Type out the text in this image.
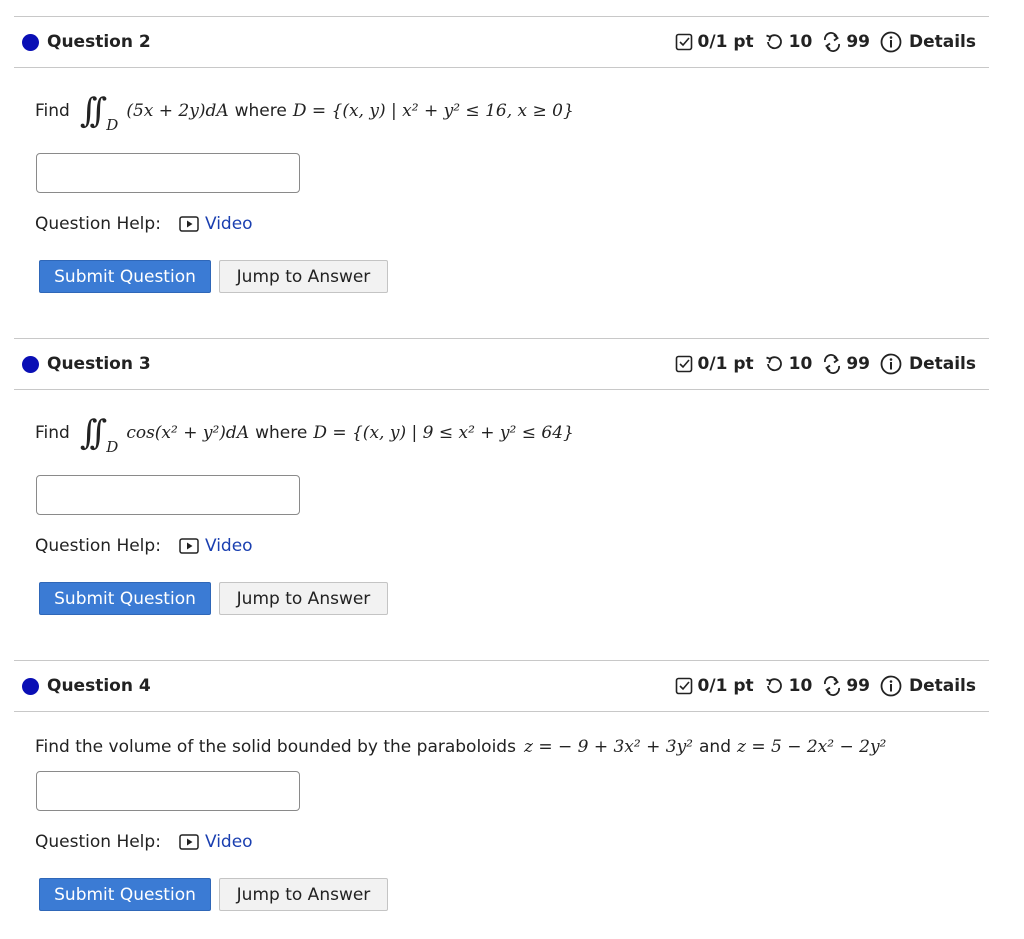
Question 2	0/1 pt 10 99 Details
Find ∫∫ D
(5x + 2y)dA where D = {(x, y) | x² + y² ≤ 16, x ≥ 0}
Question Help:	Video
Submit Question	Jump to Answer
Question 3	0/1 pt 10 99 Details
Find ∫∫ D
cos(x² + y²)dA where D = {(x, y) | 9 ≤ x² + y² ≤ 64}
Question Help:	Video
Submit Question	Jump to Answer
Question 4	0/1 pt 10 99 Details
Find the volume of the solid bounded by the paraboloids z = − 9 + 3x² + 3y² and z = 5 − 2x² − 2y²
Question Help:	Video
Submit Question	Jump to Answer
